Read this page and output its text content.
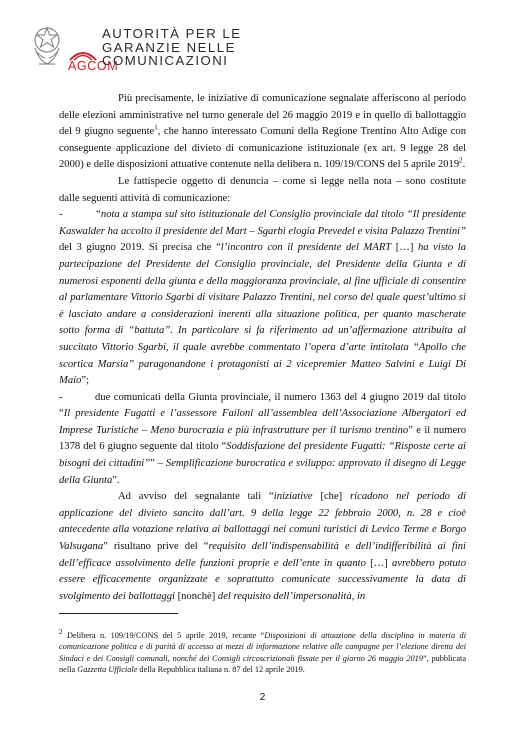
AGCOM
AUTORITÀ PER LE
GARANZIE NELLE
COMUNICAZIONI

Più precisamente, le iniziative di comunicazione segnalate afferiscono al periodo delle elezioni amministrative nel turno generale del 26 maggio 2019 e in quello di ballottaggio del 9 giugno seguente$^1$, che hanno interessato Comuni della Regione Trentino Alto Adige con conseguente applicazione del divieto di comunicazione istituzionale (ex art. 9 legge 28 del 2000) e delle disposizioni attuative contenute nella delibera n. 109/19/CONS del 5 aprile 2019$^2$.

Le fattispecie oggetto di denuncia – come si legge nella nota – sono costitute dalle seguenti attività di comunicazione:

-	“nota a stampa sul sito istituzionale del Consiglio provinciale dal titolo “Il presidente Kaswalder ha accolto il presidente del Mart – Sgarbi elogia Prevedel e visita Palazzo Trentini” del 3 giugno 2019. Si precisa che “l’incontro con il presidente del MART […] ha visto la partecipazione del Presidente del Consiglio provinciale, del Presidente della Giunta e di numerosi esponenti della giunta e della maggioranza provinciale, al fine ufficiale di consentire al parlamentare Vittorio Sgarbi di visitare Palazzo Trentini, nel corso del quale quest’ultimo si è lasciato andare a considerazioni inerenti alla situazione politica, per quanto mascherate sotto forma di “battuta”. In particolare si fa riferimento ad un’affermazione attribuita al succitato Vittorio Sgarbi, il quale avrebbe commentato l’opera d’arte intitolata “Apollo che scortica Marsia” paragonandone i protagonisti ai 2 vicepremier Matteo Salvini e Luigi Di Maio”;

-	due comunicati della Giunta provinciale, il numero 1363 del 4 giugno 2019 dal titolo “Il presidente Fugatti e l’assessore Failoni all’assemblea dell’Associazione Albergatori ed Imprese Turistiche – Meno burocrazia e più infrastrutture per il turismo trentino” e il numero 1378 del 6 giugno seguente dal titolo “Soddisfazione del presidente Fugatti: “Risposte certe ai bisogni dei cittadini”” – Semplificazione burocratica e sviluppo: approvato il disegno di Legge della Giunta”.

Ad avviso del segnalante tali “iniziative [che] ricadono nel periodo di applicazione del divieto sancito dall’art. 9 della legge 22 febbraio 2000, n. 28 e cioè antecedente alla votazione relativa ai ballottaggi nei comuni turistici di Levico Terme e Borgo Valsugana” risultano prive del “requisito dell’indispensabilità e dell’indifferibilità ai fini dell’efficace assolvimento delle funzioni proprie e dell’ente in quanto […] avrebbero potuto essere efficacemente organizzate e soprattutto comunicate successivamente la data di svolgimento dei ballottaggi [nonchè] del requisito dell’impersonalità, in

$^2$ Delibera n. 109/19/CONS del 5 aprile 2019, recante “Disposizioni di attuazione della disciplina in materia di comunicazione politica e di parità di accesso ai mezzi di informazione relative alle campagne per l’elezione diretta dei Sindaci e dei Consigli comunali, nonché dei Consigli circoscrizionali fissate per il giorno 26 maggio 2019”, pubblicata nella Gazzetta Ufficiale della Repubblica italiana n. 87 del 12 aprile 2019.
2
